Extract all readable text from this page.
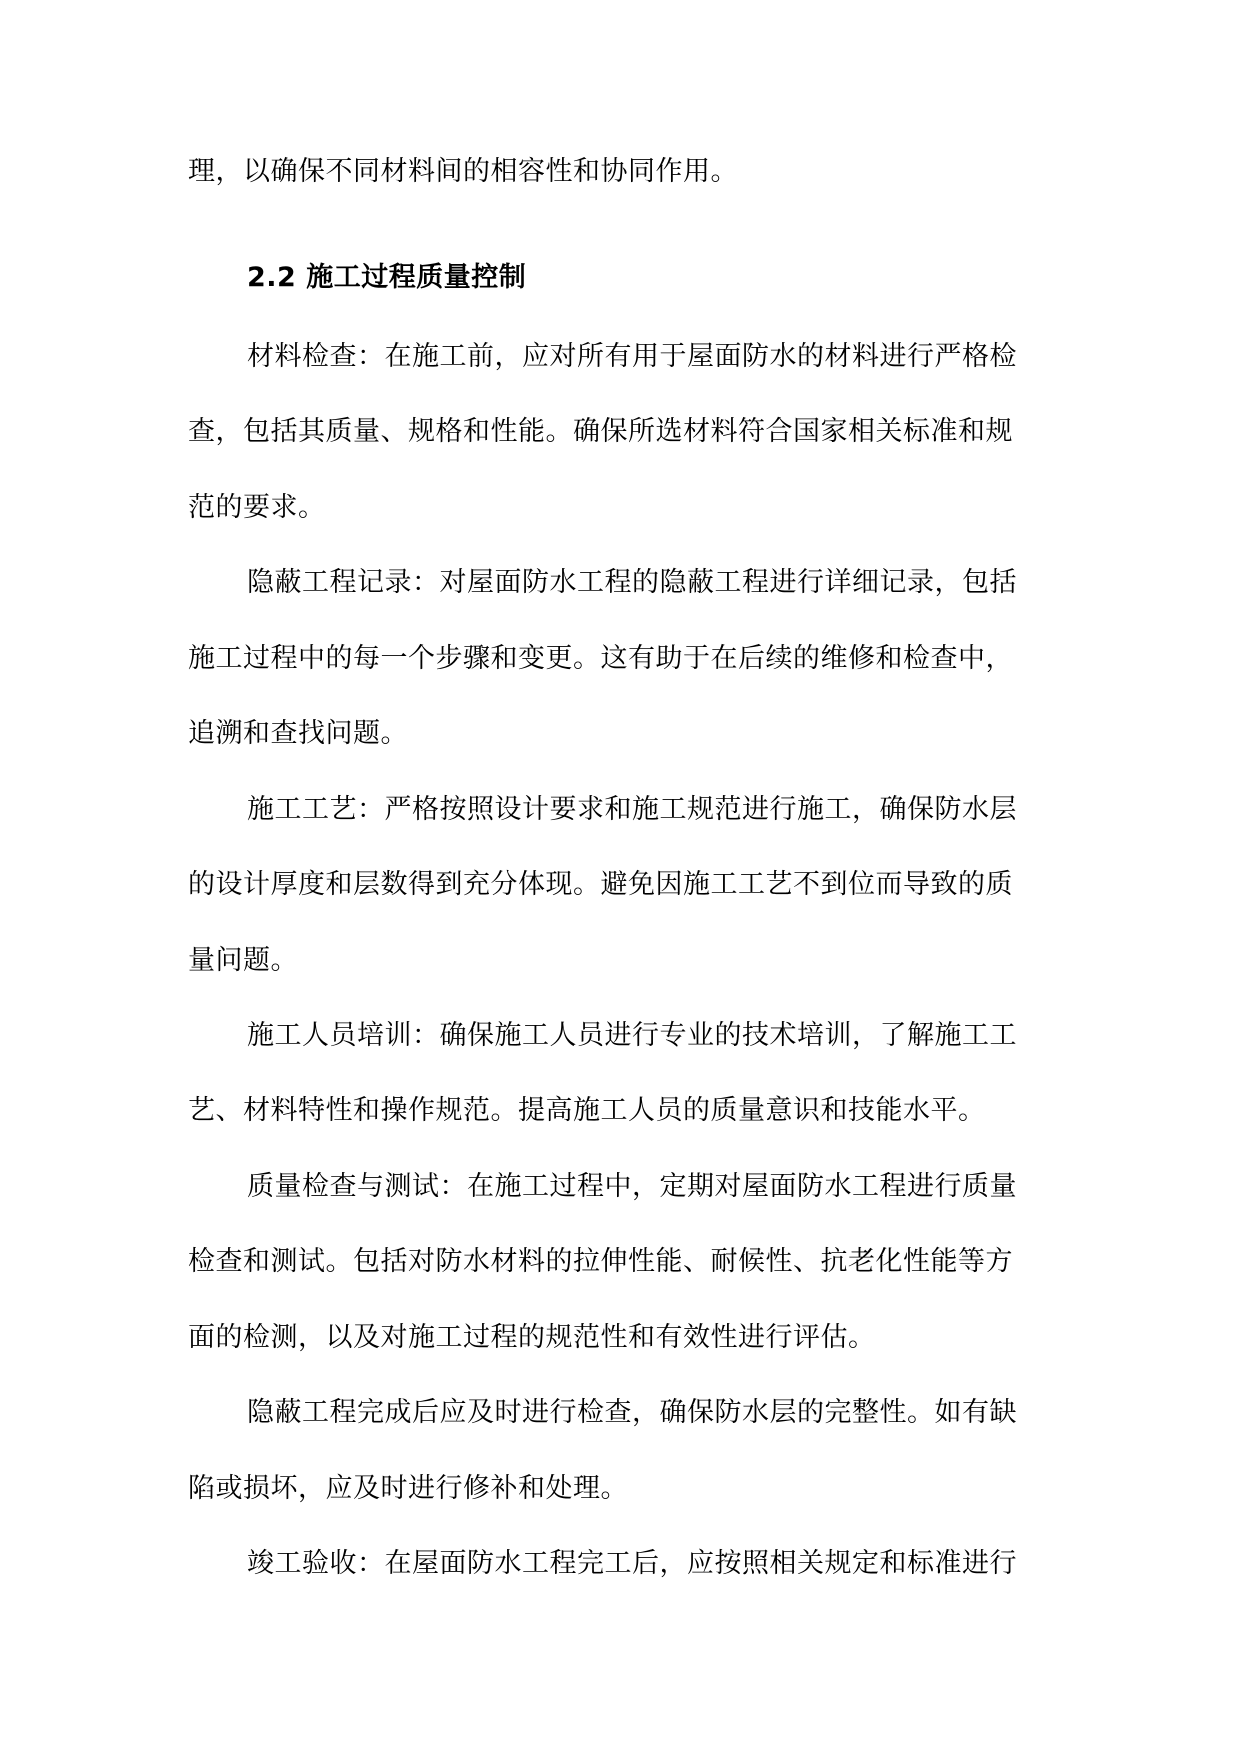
理，以确保不同材料间的相容性和协同作用。
2.2 施工过程质量控制
材料检查：在施工前，应对所有用于屋面防水的材料进行严格检
查，包括其质量、规格和性能。确保所选材料符合国家相关标准和规
范的要求。
隐蔽工程记录：对屋面防水工程的隐蔽工程进行详细记录，包括
施工过程中的每一个步骤和变更。这有助于在后续的维修和检查中，
追溯和查找问题。
施工工艺：严格按照设计要求和施工规范进行施工，确保防水层
的设计厚度和层数得到充分体现。避免因施工工艺不到位而导致的质
量问题。
施工人员培训：确保施工人员进行专业的技术培训，了解施工工
艺、材料特性和操作规范。提高施工人员的质量意识和技能水平。
质量检查与测试：在施工过程中，定期对屋面防水工程进行质量
检查和测试。包括对防水材料的拉伸性能、耐候性、抗老化性能等方
面的检测，以及对施工过程的规范性和有效性进行评估。
隐蔽工程完成后应及时进行检查，确保防水层的完整性。如有缺
陷或损坏，应及时进行修补和处理。
竣工验收：在屋面防水工程完工后，应按照相关规定和标准进行
